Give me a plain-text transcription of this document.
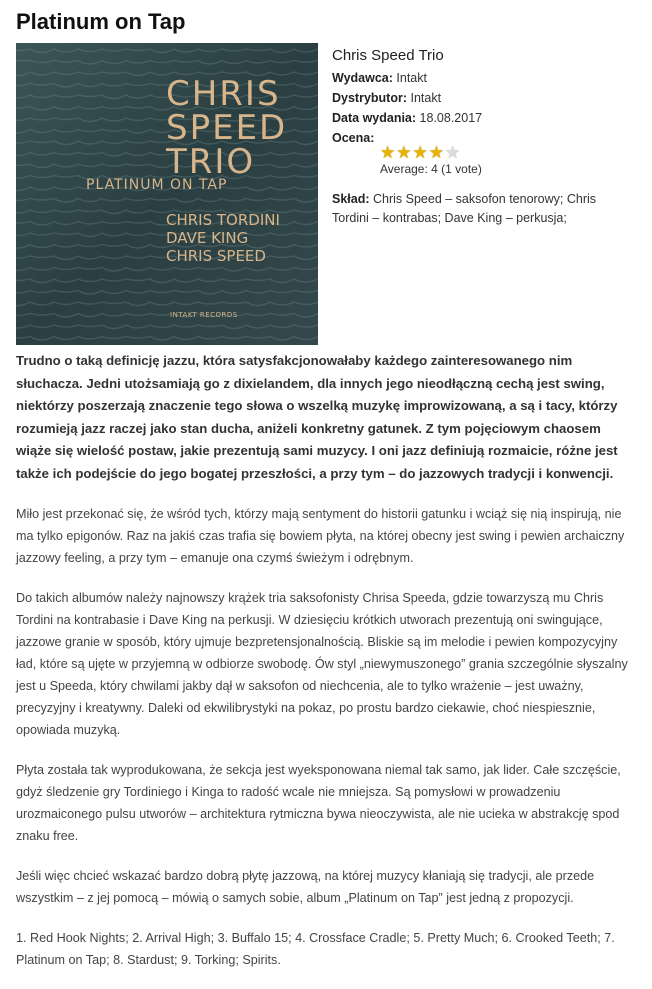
Platinum on Tap
CHRIS
SPEED
TRIO
PLATINUM ON TAP
CHRIS TORDINI
DAVE KING
CHRIS SPEED
INTAKT RECORDS
Chris Speed Trio
Wydawca: Intakt
Dystrybutor: Intakt
Data wydania: 18.08.2017
Ocena:
★★★★★
Average: 4 (1 vote)
Skład: Chris Speed – saksofon tenorowy; Chris Tordini – kontrabas; Dave King – perkusja;

Trudno o taką definicję jazzu, która satysfakcjonowałaby każdego zainteresowanego nim słuchacza. Jedni utożsamiają go z dixielandem, dla innych jego nieodłączną cechą jest swing, niektórzy poszerzają znaczenie tego słowa o wszelką muzykę improwizowaną, a są i tacy, którzy rozumieją jazz raczej jako stan ducha, aniżeli konkretny gatunek. Z tym pojęciowym chaosem wiąże się wielość postaw, jakie prezentują sami muzycy. I oni jazz definiują rozmaicie, różne jest także ich podejście do jego bogatej przeszłości, a przy tym – do jazzowych tradycji i konwencji.

Miło jest przekonać się, że wśród tych, którzy mają sentyment do historii gatunku i wciąż się nią inspirują, nie ma tylko epigonów. Raz na jakiś czas trafia się bowiem płyta, na której obecny jest swing i pewien archaiczny jazzowy feeling, a przy tym – emanuje ona czymś świeżym i odrębnym.

Do takich albumów należy najnowszy krążek tria saksofonisty Chrisa Speeda, gdzie towarzyszą mu Chris Tordini na kontrabasie i Dave King na perkusji. W dziesięciu krótkich utworach prezentują oni swingujące, jazzowe granie w sposób, który ujmuje bezpretensjonalnością. Bliskie są im melodie i pewien kompozycyjny ład, które są ujęte w przyjemną w odbiorze swobodę. Ów styl „niewymuszonego” grania szczególnie słyszalny jest u Speeda, który chwilami jakby dął w saksofon od niechcenia, ale to tylko wrażenie – jest uważny, precyzyjny i kreatywny. Daleki od ekwilibrystyki na pokaz, po prostu bardzo ciekawie, choć niespiesznie, opowiada muzyką.

Płyta została tak wyprodukowana, że sekcja jest wyeksponowana niemal tak samo, jak lider. Całe szczęście, gdyż śledzenie gry Tordiniego i Kinga to radość wcale nie mniejsza. Są pomysłowi w prowadzeniu urozmaiconego pulsu utworów – architektura rytmiczna bywa nieoczywista, ale nie ucieka w abstrakcję spod znaku free.

Jeśli więc chcieć wskazać bardzo dobrą płytę jazzową, na której muzycy kłaniają się tradycji, ale przede wszystkim – z jej pomocą – mówią o samych sobie, album „Platinum on Tap” jest jedną z propozycji.

1. Red Hook Nights; 2. Arrival High; 3. Buffalo 15; 4. Crossface Cradle; 5. Pretty Much; 6. Crooked Teeth; 7. Platinum on Tap; 8. Stardust; 9. Torking; Spirits.
